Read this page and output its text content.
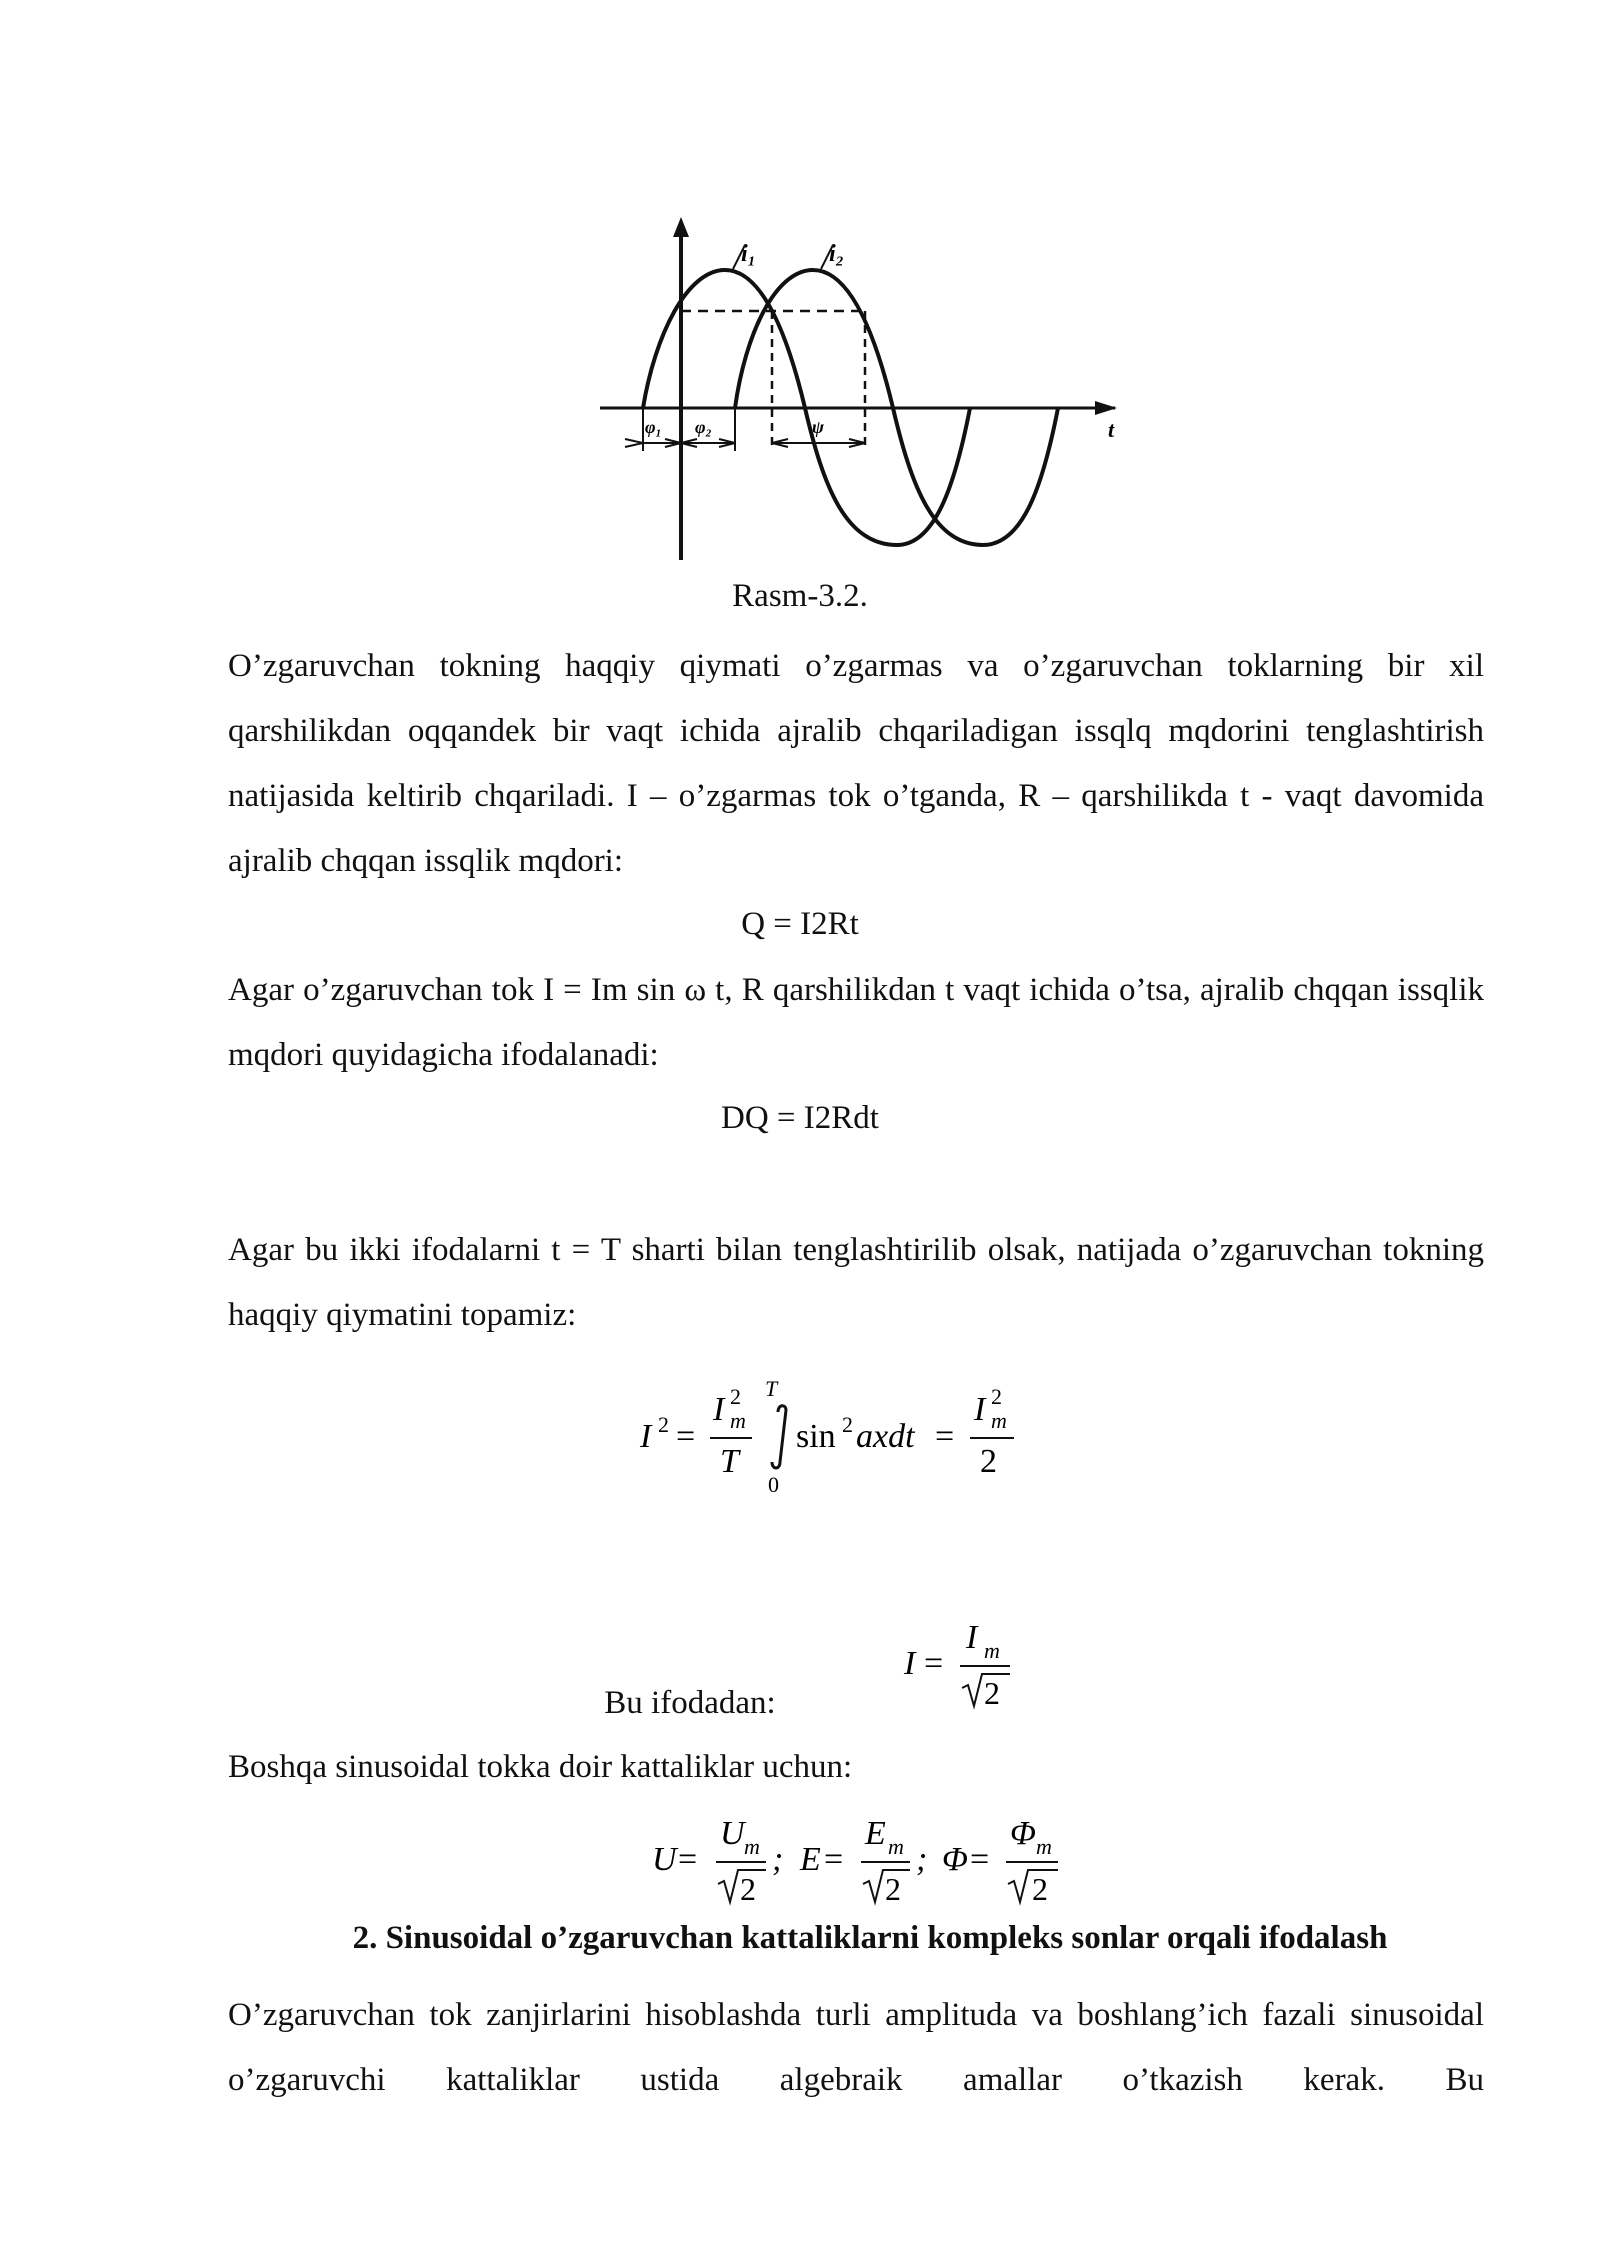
t
φ₁ φ₂	ψ
i₁	i₂
Rasm-3.2.

O’zgaruvchan tokning haqqiy qiymati o’zgarmas va o’zgaruvchan toklarning bir xil qarshilikdan oqqandek bir vaqt ichida ajralib chqariladigan issqlq mqdorini tenglashtirish natijasida keltirib chqariladi. I – o’zgarmas tok o’tganda, R – qarshilikda t - vaqt davomida ajralib chqqan issqlik mqdori:

Q = I2Rt

Agar o’zgaruvchan tok I = Im sin ω t, R qarshilikdan t vaqt ichida o’tsa, ajralib chqqan issqlik mqdori quyidagicha ifodalanadi:

DQ = I2Rdt

Agar bu ikki ifodalarni t = T sharti bilan tenglashtirilib olsak, natijada o’zgaruvchan tokning haqqiy qiymatini topamiz:

I 2 =
I 2
m
T
T
0
sin 2 axdt =
I 2
m
2
Bu ifodadan:
I =
I m
2

Boshqa sinusoidal tokka doir kattaliklar uchun:

U =
U m
2
; E =
E m
2
; Φ =
Φ m
2
2. Sinusoidal o’zgaruvchan kattaliklarni kompleks sonlar orqali ifodalash

O’zgaruvchan tok zanjirlarini hisoblashda turli amplituda va boshlang’ich fazali sinusoidal o’zgaruvchi kattaliklar ustida algebraik amallar o’tkazish kerak. Bu
